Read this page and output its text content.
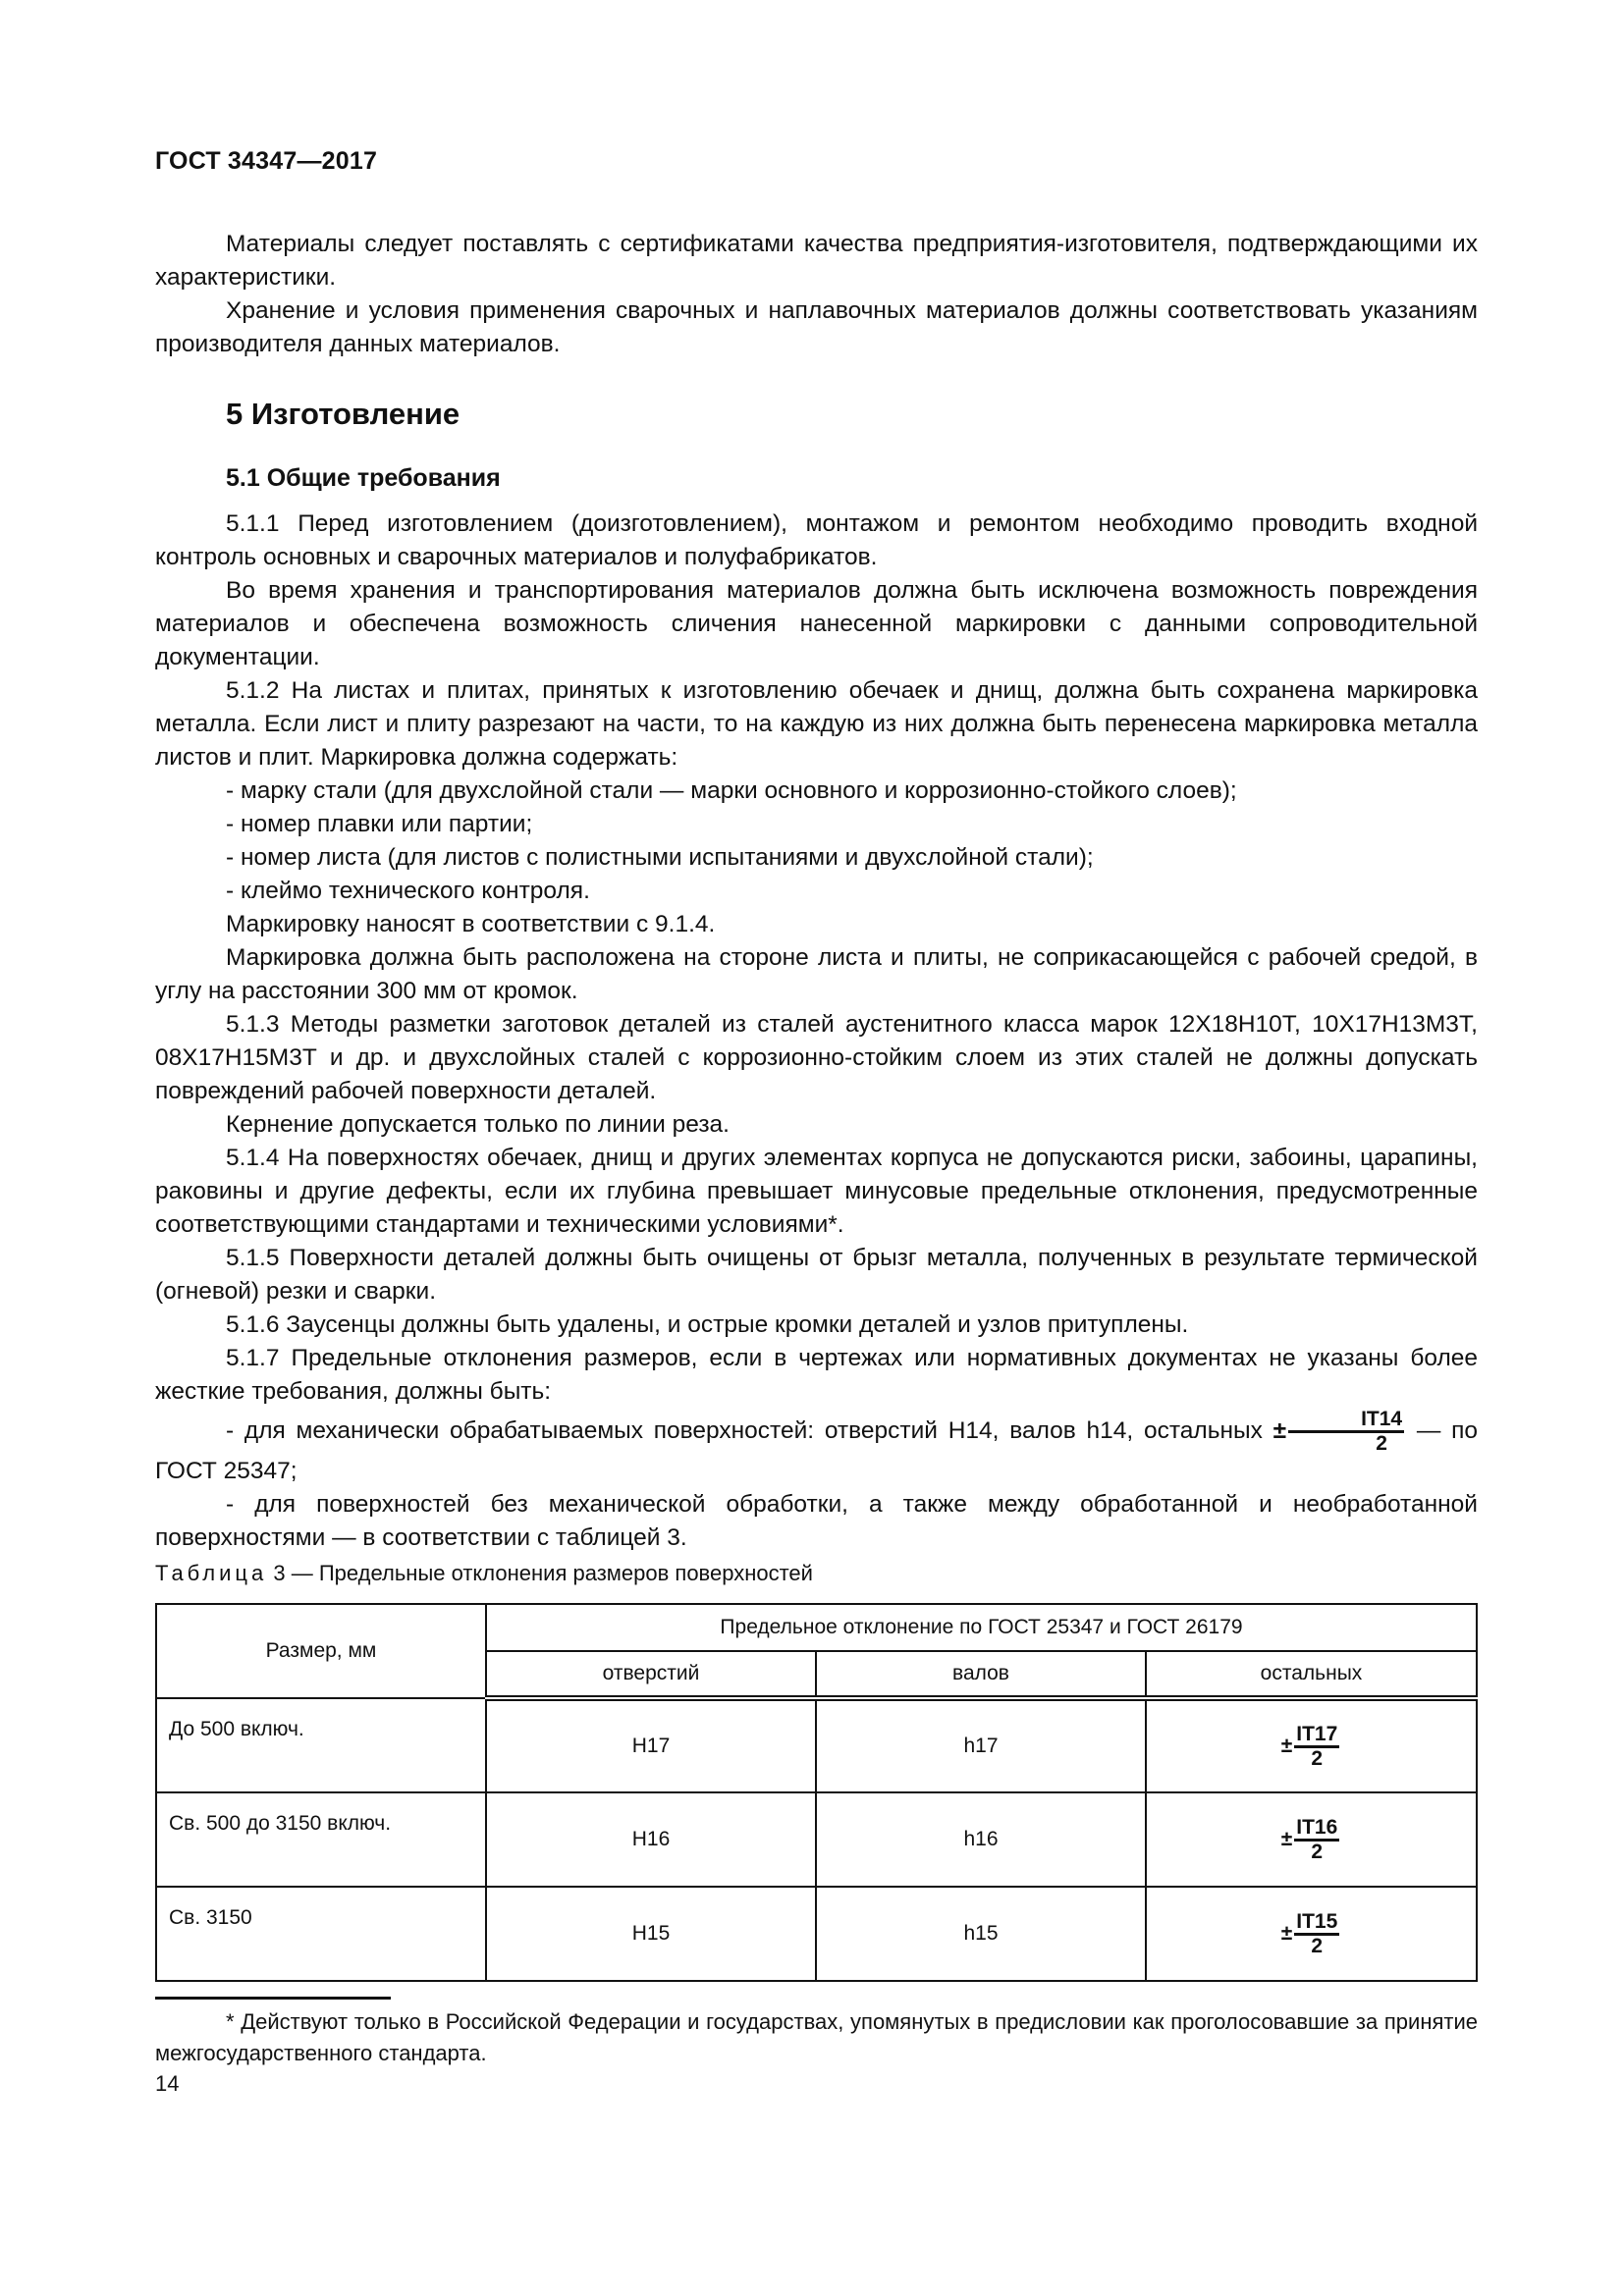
ГОСТ 34347—2017

Материалы следует поставлять с сертификатами качества предприятия-изготовителя, подтверждающими их характеристики.

Хранение и условия применения сварочных и наплавочных материалов должны соответствовать указаниям производителя данных материалов.

5 Изготовление
5.1 Общие требования

5.1.1 Перед изготовлением (доизготовлением), монтажом и ремонтом необходимо проводить входной контроль основных и сварочных материалов и полуфабрикатов.

Во время хранения и транспортирования материалов должна быть исключена возможность повреждения материалов и обеспечена возможность сличения нанесенной маркировки с данными сопроводительной документации.

5.1.2 На листах и плитах, принятых к изготовлению обечаек и днищ, должна быть сохранена маркировка металла. Если лист и плиту разрезают на части, то на каждую из них должна быть перенесена маркировка металла листов и плит. Маркировка должна содержать:

- марку стали (для двухслойной стали — марки основного и коррозионно-стойкого слоев);

- номер плавки или партии;

- номер листа (для листов с полистными испытаниями и двухслойной стали);

- клеймо технического контроля.

Маркировку наносят в соответствии с 9.1.4.

Маркировка должна быть расположена на стороне листа и плиты, не соприкасающейся с рабочей средой, в углу на расстоянии 300 мм от кромок.

5.1.3 Методы разметки заготовок деталей из сталей аустенитного класса марок 12Х18Н10Т, 10Х17Н13М3Т, 08Х17Н15М3Т и др. и двухслойных сталей с коррозионно-стойким слоем из этих сталей не должны допускать повреждений рабочей поверхности деталей.

Кернение допускается только по линии реза.

5.1.4 На поверхностях обечаек, днищ и других элементах корпуса не допускаются риски, забоины, царапины, раковины и другие дефекты, если их глубина превышает минусовые предельные отклонения, предусмотренные соответствующими стандартами и техническими условиями*.

5.1.5 Поверхности деталей должны быть очищены от брызг металла, полученных в результате термической (огневой) резки и сварки.

5.1.6 Заусенцы должны быть удалены, и острые кромки деталей и узлов притуплены.

5.1.7 Предельные отклонения размеров, если в чертежах или нормативных документах не указаны более жесткие требования, должны быть:

- для механически обрабатываемых поверхностей: отверстий Н14, валов h14, остальных ± $\frac{IT14}{2}$ — по ГОСТ 25347;

- для поверхностей без механической обработки, а также между обработанной и необработанной поверхностями — в соответствии с таблицей 3.

Таблица 3 — Предельные отклонения размеров поверхностей
Размер, мм	Предельное отклонение по ГОСТ 25347 и ГОСТ 26179		
	отверстий	валов	остальных
До 500 включ.	Н17	h17	± $\frac{IT17}{2}$

Св. 500 до 3150 включ.	Н16	h16	± $\frac{IT16}{2}$

Св. 3150	Н15	h15	± $\frac{IT15}{2}$

* Действуют только в Российской Федерации и государствах, упомянутых в предисловии как проголосовавшие за принятие межгосударственного стандарта.

14
